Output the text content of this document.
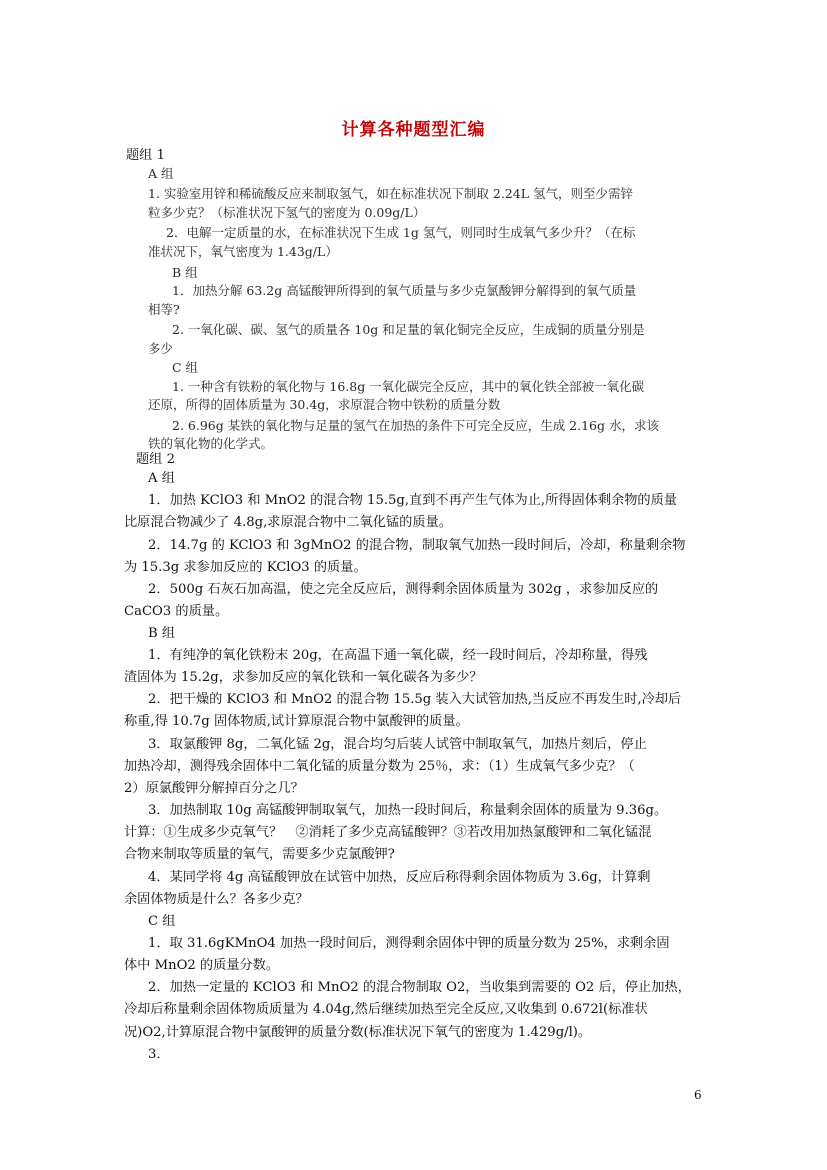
计算各种题型汇编
题组 1
A 组
1. 实验室用锌和稀硫酸反应来制取氢气，如在标准状况下制取 2.24L 氢气，则至少需锌
粒多少克？（标准状况下氢气的密度为 0.09g/L）
2．电解一定质量的水，在标准状况下生成 1g 氢气，则同时生成氧气多少升？（在标
准状况下，氧气密度为 1.43g/L）
B 组
1．加热分解 63.2g 高锰酸钾所得到的氧气质量与多少克氯酸钾分解得到的氧气质量
相等?
2. 一氧化碳、碳、氢气的质量各 10g 和足量的氧化铜完全反应，生成铜的质量分别是
多少
C 组
1. 一种含有铁粉的氧化物与 16.8g 一氧化碳完全反应，其中的氧化铁全部被一氧化碳
还原，所得的固体质量为 30.4g，求原混合物中铁粉的质量分数
2. 6.96g 某铁的氧化物与足量的氢气在加热的条件下可完全反应，生成 2.16g 水，求该
铁的氧化物的化学式。
题组 2
A 组
1．加热 KClO3 和 MnO2 的混合物 15.5g,直到不再产生气体为止,所得固体剩余物的质量
比原混合物减少了 4.8g,求原混合物中二氧化锰的质量。
2．14.7g 的 KClO3 和 3gMnO2 的混合物，制取氧气加热一段时间后，冷却，称量剩余物
为 15.3g 求参加反应的 KClO3 的质量。
2．500g 石灰石加高温，使之完全反应后，测得剩余固体质量为 302g ，求参加反应的
CaCO3 的质量。
B 组
1．有纯净的氧化铁粉末 20g，在高温下通一氧化碳，经一段时间后，冷却称量，得残
渣固体为 15.2g，求参加反应的氧化铁和一氧化碳各为多少？
2．把干燥的 KClO3 和 MnO2 的混合物 15.5g 装入大试管加热,当反应不再发生时,冷却后
称重,得 10.7g 固体物质,试计算原混合物中氯酸钾的质量。
3．取氯酸钾 8g，二氧化锰 2g，混合均匀后装人试管中制取氧气，加热片刻后，停止
加热冷却，测得残余固体中二氧化锰的质量分数为 25％，求：（1）生成氧气多少克？（
2）原氯酸钾分解掉百分之几？
3．加热制取 10g 高锰酸钾制取氧气，加热一段时间后，称量剩余固体的质量为 9.36g。
计算：①生成多少克氧气？　②消耗了多少克高锰酸钾？③若改用加热氯酸钾和二氧化锰混
合物来制取等质量的氧气，需要多少克氯酸钾?
4．某同学将 4g 高锰酸钾放在试管中加热，反应后称得剩余固体物质为 3.6g，计算剩
余固体物质是什么？各多少克？
C 组
1．取 31.6gKMnO4 加热一段时间后，测得剩余固体中钾的质量分数为 25%，求剩余固
体中 MnO2 的质量分数。
2．加热一定量的 KClO3 和 MnO2 的混合物制取 O2，当收集到需要的 O2 后，停止加热，
冷却后称量剩余固体物质质量为 4.04g,然后继续加热至完全反应,又收集到 0.672l(标准状
况)O2,计算原混合物中氯酸钾的质量分数(标准状况下氧气的密度为 1.429g/l)。
3．
6
